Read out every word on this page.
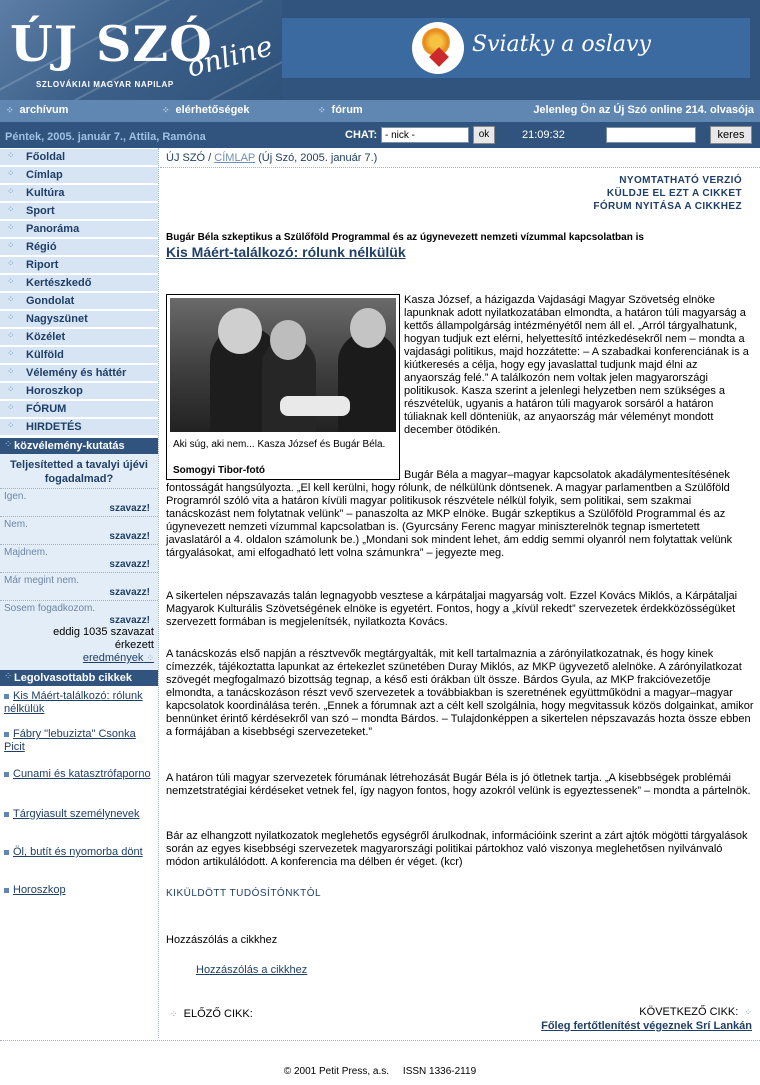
ÚJ SZÓ
online
SZLOVÁKIAI MAGYAR NAPILAP
Sviatky a oslavy
⁘ archívum	⁘ elérhetőségek	⁘ fórum	Jelenleg Ön az Új Szó online 214. olvasója
Péntek, 2005. január 7., Attila, Ramóna	CHAT:
- nick -	ok	21:09:32	keres
⁘ Főoldal
⁘ Címlap
⁘ Kultúra
⁘ Sport
⁘ Panoráma
⁘ Régió
⁘ Riport
⁘ Kertészkedő
⁘ Gondolat
⁘ Nagyszünet
⁘ Közélet
⁘ Külföld
⁘ Vélemény és háttér
⁘ Horoszkop
⁘ FÓRUM
⁘ HIRDETÉS
⁘ közvélemény-kutatás
Teljesítetted a tavalyi újévi fogadalmad?
Igen.
szavazz!
Nem.
szavazz!
Majdnem.
szavazz!
Már megint nem.
szavazz!
Sosem fogadkozom.
szavazz!
eddig 1035 szavazat érkezett
eredmények ⁘
⁘ Legolvasottabb cikkek
Kis Máért-találkozó: rólunk nélkülük
Fábry "lebuzizta" Csonka Picit
Cunami és katasztrófaporno
Tárgyiasult személynevek
Öl, butít és nyomorba dönt
Horoszkop
ÚJ SZÓ / CÍMLAP (Új Szó, 2005. január 7.)
NYOMTATHATÓ VERZIÓ
KÜLDJE EL EZT A CIKKET
FÓRUM NYITÁSA A CIKKHEZ
Bugár Béla szkeptikus a Szülőföld Programmal és az úgynevezett nemzeti vízummal kapcsolatban is
Kis Máért-találkozó: rólunk nélkülük
Aki súg, aki nem... Kasza József és Bugár Béla.
Somogyi Tibor-fotó
Kasza József, a házigazda Vajdasági Magyar Szövetség elnöke lapunknak adott nyilatkozatában elmondta, a határon túli magyarság a kettős állampolgárság intézményétől nem áll el. „Arról tárgyalhatunk, hogyan tudjuk ezt elérni, helyettesítő intézkedésekről nem – mondta a vajdasági politikus, majd hozzátette: – A szabadkai konferenciának is a kiútkeresés a célja, hogy egy javaslattal tudjunk majd élni az anyaország felé.” A találkozón nem voltak jelen magyarországi politikusok. Kasza szerint a jelenlegi helyzetben nem szükséges a részvételük, ugyanis a határon túli magyarok sorsáról a határon túliaknak kell dönteniük, az anyaország már véleményt mondott december ötödikén.
Bugár Béla a magyar–magyar kapcsolatok akadálymentesítésének fontosságát hangsúlyozta. „El kell kerülni, hogy rólunk, de nélkülünk döntsenek. A magyar parlamentben a Szülőföld Programról szóló vita a határon kívüli magyar politikusok részvétele nélkül folyik, sem politikai, sem szakmai tanácskozást nem folytatnak velünk” – panaszolta az MKP elnöke. Bugár szkeptikus a Szülőföld Programmal és az úgynevezett nemzeti vízummal kapcsolatban is. (Gyurcsány Ferenc magyar miniszterelnök tegnap ismertetett javaslatáról a 4. oldalon számolunk be.) „Mondani sok mindent lehet, ám eddig semmi olyanról nem folytattak velünk tárgyalásokat, ami elfogadható lett volna számunkra” – jegyezte meg.
A sikertelen népszavazás talán legnagyobb vesztese a kárpátaljai magyarság volt. Ezzel Kovács Miklós, a Kárpátaljai Magyarok Kulturális Szövetségének elnöke is egyetért. Fontos, hogy a „kívül rekedt” szervezetek érdekközösségüket szervezett formában is megjelenítsék, nyilatkozta Kovács.
A tanácskozás első napján a résztvevők megtárgyalták, mit kell tartalmaznia a zárónyilatkozatnak, és hogy kinek címezzék, tájékoztatta lapunkat az értekezlet szünetében Duray Miklós, az MKP ügyvezető alelnöke. A zárónyilatkozat szövegét megfogalmazó bizottság tegnap, a késő esti órákban ült össze. Bárdos Gyula, az MKP frakcióvezetője elmondta, a tanácskozáson részt vevő szervezetek a továbbiakban is szeretnének együttműködni a magyar–magyar kapcsolatok koordinálása terén. „Ennek a fórumnak azt a célt kell szolgálnia, hogy megvitassuk közös dolgainkat, amikor bennünket érintő kérdésekről van szó – mondta Bárdos. – Tulajdonképpen a sikertelen népszavazás hozta össze ebben a formájában a kisebbségi szervezeteket.”
A határon túli magyar szervezetek fórumának létrehozását Bugár Béla is jó ötletnek tartja. „A kisebbségek problémái nemzetstratégiai kérdéseket vetnek fel, így nagyon fontos, hogy azokról velünk is egyeztessenek” – mondta a pártelnök.
Bár az elhangzott nyilatkozatok meglehetős egységről árulkodnak, információink szerint a zárt ajtók mögötti tárgyalások során az egyes kisebbségi szervezetek magyarországi politikai pártokhoz való viszonya meglehetősen nyilvánvaló módon artikulálódott. A konferencia ma délben ér véget. (kcr)
KIKÜLDÖTT TUDÓSÍTÓNKTÓL
Hozzászólás a cikkhez
Hozzászólás a cikkhez
⁘ ELŐZŐ CIKK:	KÖVETKEZŐ CIKK: ⁘
Főleg fertőtlenítést végeznek Srí Lankán
© 2001 Petit Press, a.s.     ISSN 1336-2119
